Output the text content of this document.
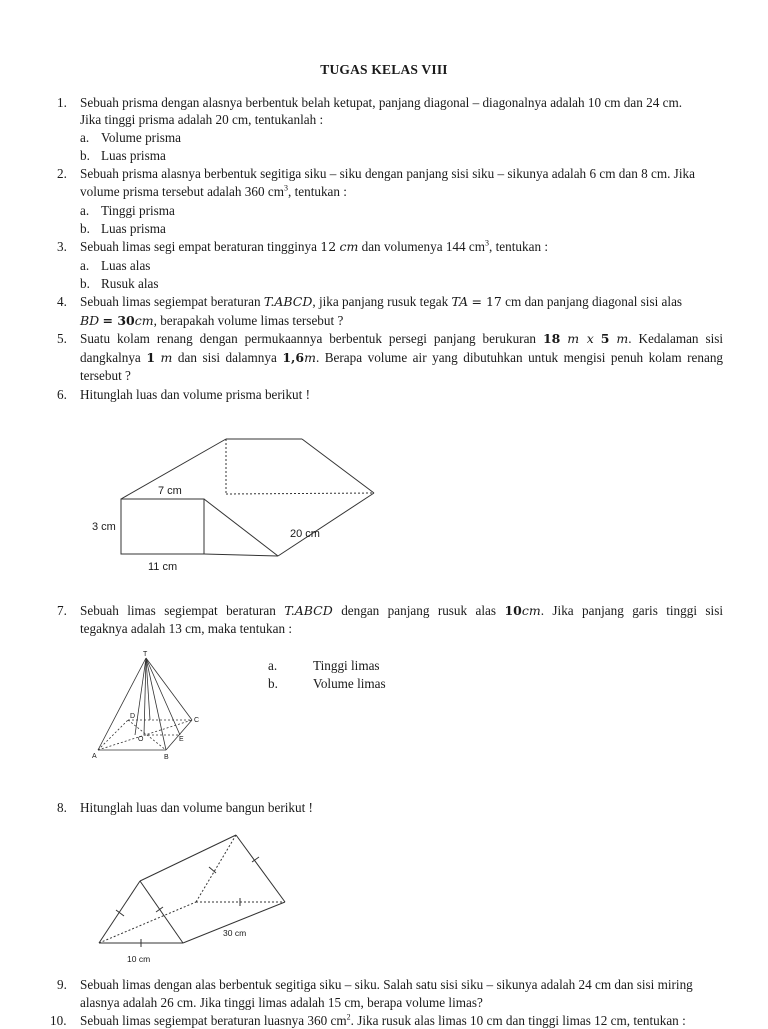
TUGAS KELAS VIII
1. Sebuah prisma dengan alasnya berbentuk belah ketupat, panjang diagonal – diagonalnya adalah 10 cm dan 24 cm.
Jika tinggi prisma adalah 20 cm, tentukanlah :
a. Volume prisma
b. Luas prisma
2. Sebuah prisma alasnya berbentuk segitiga siku – siku dengan panjang sisi siku – sikunya adalah 6 cm dan 8 cm. Jika
volume prisma tersebut adalah 360 $cm^3$, tentukan :
a. Tinggi prisma
b. Luas prisma
3. Sebuah limas segi empat beraturan tingginya 12 cm dan volumenya 144 $cm^3$, tentukan :
a. Luas alas
b. Rusuk alas
4. Sebuah limas segiempat beraturan T.ABCD, jika panjang rusuk tegak TA = 17 cm dan panjang diagonal sisi alas
BD = 30cm, berapakah volume limas tersebut ?
5. Suatu kolam renang dengan permukaannya berbentuk persegi panjang berukuran 18 m x 5 m. Kedalaman sisi
dangkalnya 1 m dan sisi dalamnya 1,6m. Berapa volume air yang dibutuhkan untuk mengisi penuh kolam renang
tersebut ?
6. Hitunglah luas dan volume prisma berikut !
7 cm
3 cm
11 cm
20 cm
7. Sebuah limas segiempat beraturan T.ABCD dengan panjang rusuk alas 10cm. Jika panjang garis tinggi sisi
tegaknya adalah 13 cm, maka tentukan :
T
D
C
O	E
A	B
a.	Tinggi limas
b.	Volume limas
8. Hitunglah luas dan volume bangun berikut !
30 cm
10 cm
9. Sebuah limas dengan alas berbentuk segitiga siku – siku. Salah satu sisi siku – sikunya adalah 24 cm dan sisi miring
alasnya adalah 26 cm. Jika tinggi limas adalah 15 cm, berapa volume limas?
10. Sebuah limas segiempat beraturan luasnya 360 $cm^2$. Jika rusuk alas limas 10 cm dan tinggi limas 12 cm, tentukan :
